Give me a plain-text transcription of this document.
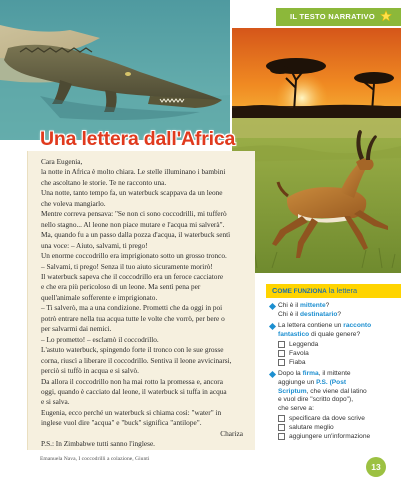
IL TESTO NARRATIVO
Una lettera dall'Africa
Cara Eugenia,
la notte in Africa è molto chiara. Le stelle illuminano i bambini
che ascoltano le storie. Te ne racconto una.
Una notte, tanto tempo fa, un waterbuck scappava da un leone
che voleva mangiarlo.
Mentre correva pensava: "Se non ci sono coccodrilli, mi tufferò
nello stagno... Al leone non piace mutare e l'acqua mi salverà".
Ma, quando fu a un passo dalla pozza d'acqua, il waterbuck sentì
una voce: – Aiuto, salvami, ti prego!
Un enorme coccodrillo era imprigionato sotto un grosso tronco.
– Salvami, ti prego! Senza il tuo aiuto sicuramente morirò!
Il waterbuck sapeva che il coccodrillo era un feroce cacciatore
e che era più pericoloso di un leone. Ma sentì pena per
quell'animale sofferente e imprigionato.
– Ti salverò, ma a una condizione. Prometti che da oggi in poi
potrò entrare nella tua acqua tutte le volte che vorrò, per bere o
per salvarmi dai nemici.
– Lo prometto! – esclamò il coccodrillo.
L'astuto waterbuck, spingendo forte il tronco con le sue grosse
corna, riuscì a liberare il coccodrillo. Sentiva il leone avvicinarsi,
perciò si tuffò in acqua e si salvò.
Da allora il coccodrillo non ha mai rotto la promessa e, ancora
oggi, quando è cacciato dal leone, il waterbuck si tuffa in acqua
e si salva.
Eugenia, ecco perché un waterbuck si chiama così: "water" in
inglese vuol dire "acqua" e "buck" significa "antilope".
Chariza
P.S.: In Zimbabwe tutti sanno l'inglese.
Emanuela Nava, I coccodrilli a colazione, Giunti
COME FUNZIONA la lettera
Chi è il mittente?
Chi è il destinatario?
La lettera contiene un racconto
fantastico di quale genere?
Leggenda
Favola
Fiaba
Dopo la firma, il mittente
aggiunge un P.S. (Post
Scriptum, che viene dal latino
e vuol dire "scritto dopo"),
che serve a:
specificare da dove scrive
salutare meglio
aggiungere un'informazione
13
